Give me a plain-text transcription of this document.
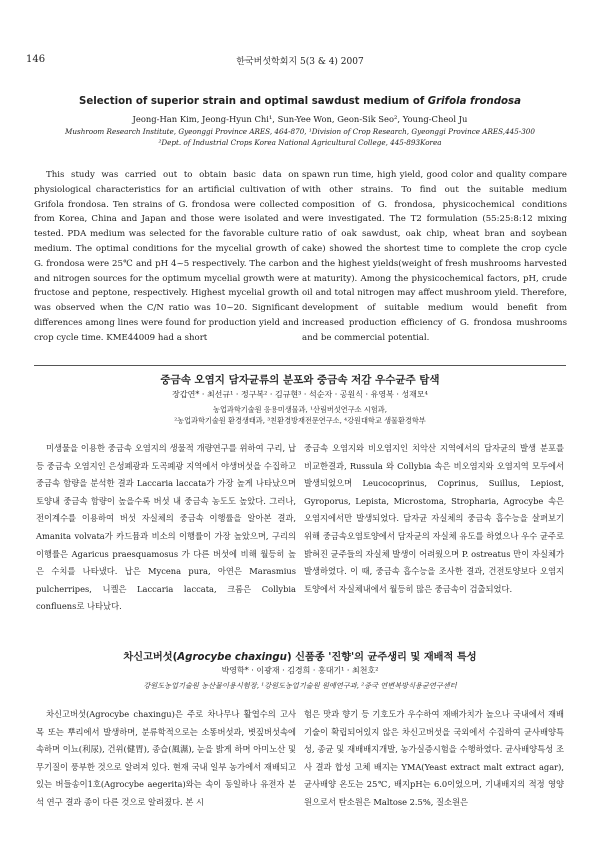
146	한국버섯학회지 5(3 & 4) 2007
Selection of superior strain and optimal sawdust medium of Grifola frondosa
Jeong-Han Kim, Jeong-Hyun Chi¹, Sun-Yee Won, Geon-Sik Seo², Young-Cheol Ju
Mushroom Research Institute, Gyeonggi Province ARES, 464-870, ¹Division of Crop Research, Gyeonggi Province ARES,445-300
²Dept. of Industrial Crops Korea National Agricultural College, 445-893Korea

This study was carried out to obtain basic data on physiological characteristics for an artificial cultivation of Grifola frondosa. Ten strains of G. frondosa were collected from Korea, China and Japan and those were isolated and tested. PDA medium was selected for the favorable culture medium. The optimal conditions for the mycelial growth of G. frondosa were 25℃ and pH 4~5 respectively. The carbon and nitrogen sources for the optimum mycelial growth were fructose and peptone, respectively. Highest mycelial growth was observed when the C/N ratio was 10~20. Significant differences among lines were found for production yield and crop cycle time. KME44009 had a short

spawn run time, high yield, good color and quality compare with other strains. To find out the suitable medium composition of G. frondosa, physicochemical conditions were investigated. The T2 formulation (55:25:8:12 mixing ratio of oak sawdust, oak chip, wheat bran and soybean cake) showed the shortest time to complete the crop cycle and the highest yields(weight of fresh mushrooms harvested at maturity). Among the physicochemical factors, pH, crude oil and total nitrogen may affect mushroom yield. Therefore, development of suitable medium would benefit from increased production efficiency of G. frondosa mushrooms and be commercial potential.

중금속 오염지 담자균류의 분포와 중금속 저감 우수균주 탐색
장갑연* · 최선규¹ · 정구복² · 김규현³ · 석순자 · 공원식 · 유영복 · 성재모⁴
농업과학기술원 응용미생물과, ¹산림버섯연구소 시험과,
²농업과학기술원 환경생태과, ³친환경방재전문연구소, ⁴강원대학교 생물환경학부

미생물을 이용한 중금속 오염지의 생물적 개량연구를 위하여 구리, 납 등 중금속 오염지인 은성폐광과 도곡폐광 지역에서 야생버섯을 수집하고 중금속 함량을 분석한 결과 Laccaria laccata가 가장 높게 나타났으며 토양내 중금속 함량이 높을수록 버섯 내 중금속 농도도 높았다. 그러나, 전이계수를 이용하여 버섯 자실체의 중금속 이행률을 알아본 결과, Amanita volvata가 카드뮴과 비소의 이행률이 가장 높았으며, 구리의 이행률은 Agaricus praesquamosus 가 다른 버섯에 비해 월등히 높은 수치를 나타냈다. 납은 Mycena pura, 아연은 Marasmius pulcherripes, 니켈은 Laccaria laccata, 크롬은 Collybia confluens로 나타났다.

중금속 오염지와 비오염지인 치악산 지역에서의 담자균의 발생 분포를 비교한결과, Russula 와 Collybia 속은 비오염지와 오염지역 모두에서 발생되었으며 Leucocoprinus, Coprinus, Suillus, Lepiost, Gyroporus, Lepista, Microstoma, Stropharia, Agrocybe 속은 오염지에서만 발생되었다. 담자균 자실체의 중금속 흡수능을 살펴보기 위해 중금속오염토양에서 담자균의 자실체 유도를 하였으나 우수 균주로 밝혀진 균주들의 자실체 발생이 어려웠으며 P. ostreatus 만이 자실체가 발생하였다. 이 때, 중금속 흡수능을 조사한 결과, 건전토양보다 오염지 토양에서 자실체내에서 월등히 많은 중금속이 검출되었다.

차신고버섯(Agrocybe chaxingu) 신품종 '진향'의 균주생리 및 재배적 특성
박영학* · 이광재 · 김경희 · 홍대기¹ · 최천호²
강원도농업기술원 농산물이용시험장, ¹강원도농업기술원 원예연구과, ²중국 연변복방식용균연구센터

차신고버섯(Agrocybe chaxingu)은 주로 차나무나 활엽수의 고사목 또는 뿌리에서 발생하며, 분류학적으로는 소똥버섯과, 볏짚버섯속에 속하며 이뇨(利尿), 건위(健胃), 종습(風濕), 눈을 밝게 하며 아미노산 및 무기질이 풍부한 것으로 알려져 있다. 현재 국내 일부 농가에서 재배되고 있는 버들송이1호(Agrocybe aegerita)와는 속이 동일하나 유전자 분석 연구 결과 종이 다른 것으로 알려졌다. 본 시

험은 맛과 향기 등 기호도가 우수하여 재배가치가 높으나 국내에서 재배기술이 확립되어있지 않은 차신고버섯을 국외에서 수집하여 균사배양특성, 종균 및 재배배지개발, 농가실증시험을 수행하였다. 균사배양특성 조사 결과 합성 고체 배지는 YMA(Yeast extract malt extract agar), 균사배양 온도는 25℃, 배지pH는 6.0이었으며, 기내배지의 적정 영양원으로서 탄소원은 Maltose 2.5%, 질소원은
